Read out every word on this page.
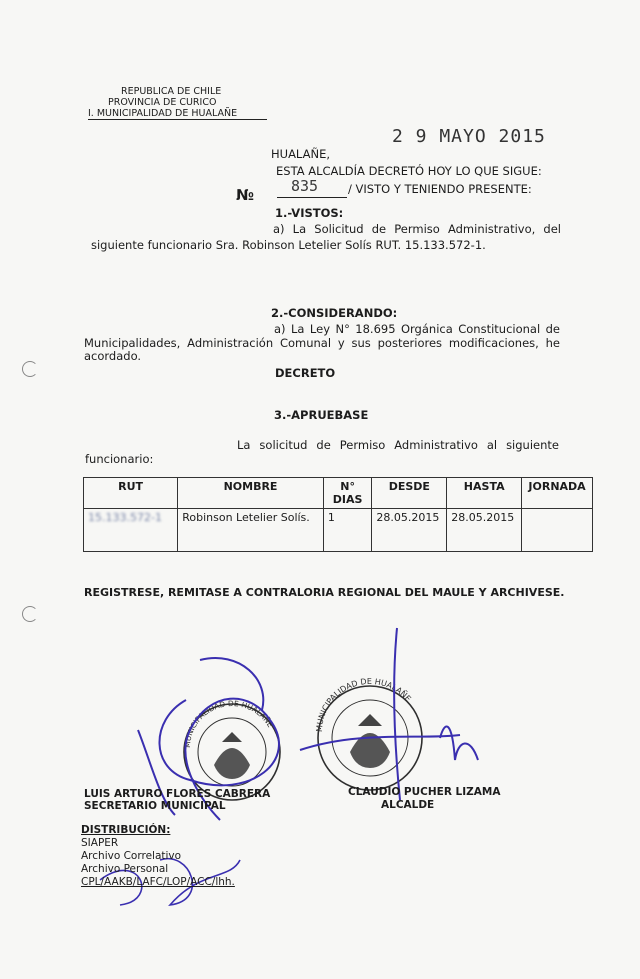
REPUBLICA DE CHILE
PROVINCIA DE CURICO
I. MUNICIPALIDAD DE HUALAÑE
2 9 MAYO 2015
HUALAÑE,
ESTA ALCALDÍA DECRETÓ HOY LO QUE SIGUE:
№ 835	/ VISTO Y TENIENDO PRESENTE:
1.-VISTOS:
a) La Solicitud de Permiso Administrativo, del
siguiente funcionario Sra. Robinson Letelier Solís RUT. 15.133.572-1.
2.-CONSIDERANDO:
a) La Ley N° 18.695 Orgánica Constitucional de
Municipalidades, Administración Comunal y sus posteriores modificaciones, he
acordado.
DECRETO
3.-APRUEBASE
La solicitud de Permiso Administrativo al siguiente
funcionario:
RUT	NOMBRE	N° DIAS	DESDE	HASTA	JORNADA
15.133.572-1	Robinson Letelier Solís.	1	28.05.2015	28.05.2015	
REGISTRESE, REMITASE A CONTRALORIA REGIONAL DEL MAULE Y ARCHIVESE.
MUNICIPALIDAD DE HUALAÑE	MUNICIPALIDAD DE HUALAÑE
LUIS ARTURO FLORES CABRERA
SECRETARIO MUNICIPAL
CLAUDIO PUCHER LIZAMA
ALCALDE
DISTRIBUCIÓN:
SIAPER
Archivo Correlativo
Archivo Personal
CPL/AAKB/LAFC/LOP/ACC/lhh.
